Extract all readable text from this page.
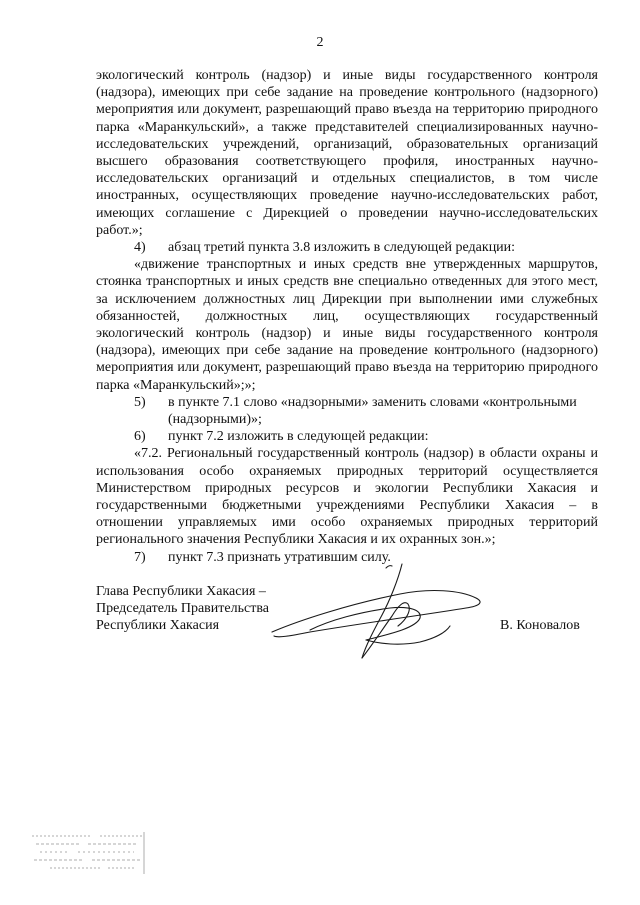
2

экологический контроль (надзор) и иные виды государственного контроля (надзора), имеющих при себе задание на проведение контрольного (надзорного) мероприятия или документ, разрешающий право въезда на территорию природного парка «Маранкульский», а также представителей специализированных научно-исследовательских учреждений, организаций, образовательных организаций высшего образования соответствующего профиля, иностранных научно-исследовательских организаций и отдельных специалистов, в том числе иностранных, осуществляющих проведение научно-исследовательских работ, имеющих соглашение с Дирекцией о проведении научно-исследовательских работ.»;

4)	абзац третий пункта 3.8 изложить в следующей редакции:

«движение транспортных и иных средств вне утвержденных маршрутов, стоянка транспортных и иных средств вне специально отведенных для этого мест, за исключением должностных лиц Дирекции при выполнении ими служебных обязанностей, должностных лиц, осуществляющих государственный экологический контроль (надзор) и иные виды государственного контроля (надзора), имеющих при себе задание на проведение контрольного (надзорного) мероприятия или документ, разрешающий право въезда на территорию природного парка «Маранкульский»;»;

5)	в пункте 7.1 слово «надзорными» заменить словами «контрольными (надзорными)»;
6)	пункт 7.2 изложить в следующей редакции:

«7.2. Региональный государственный контроль (надзор) в области охраны и использования особо охраняемых природных территорий осуществляется Министерством природных ресурсов и экологии Республики Хакасия и государственными бюджетными учреждениями Республики Хакасия – в отношении управляемых ими особо охраняемых природных территорий регионального значения Республики Хакасия и их охранных зон.»;

7)	пункт 7.3 признать утратившим силу.
Глава Республики Хакасия –
Председатель Правительства
Республики Хакасия	В. Коновалов
